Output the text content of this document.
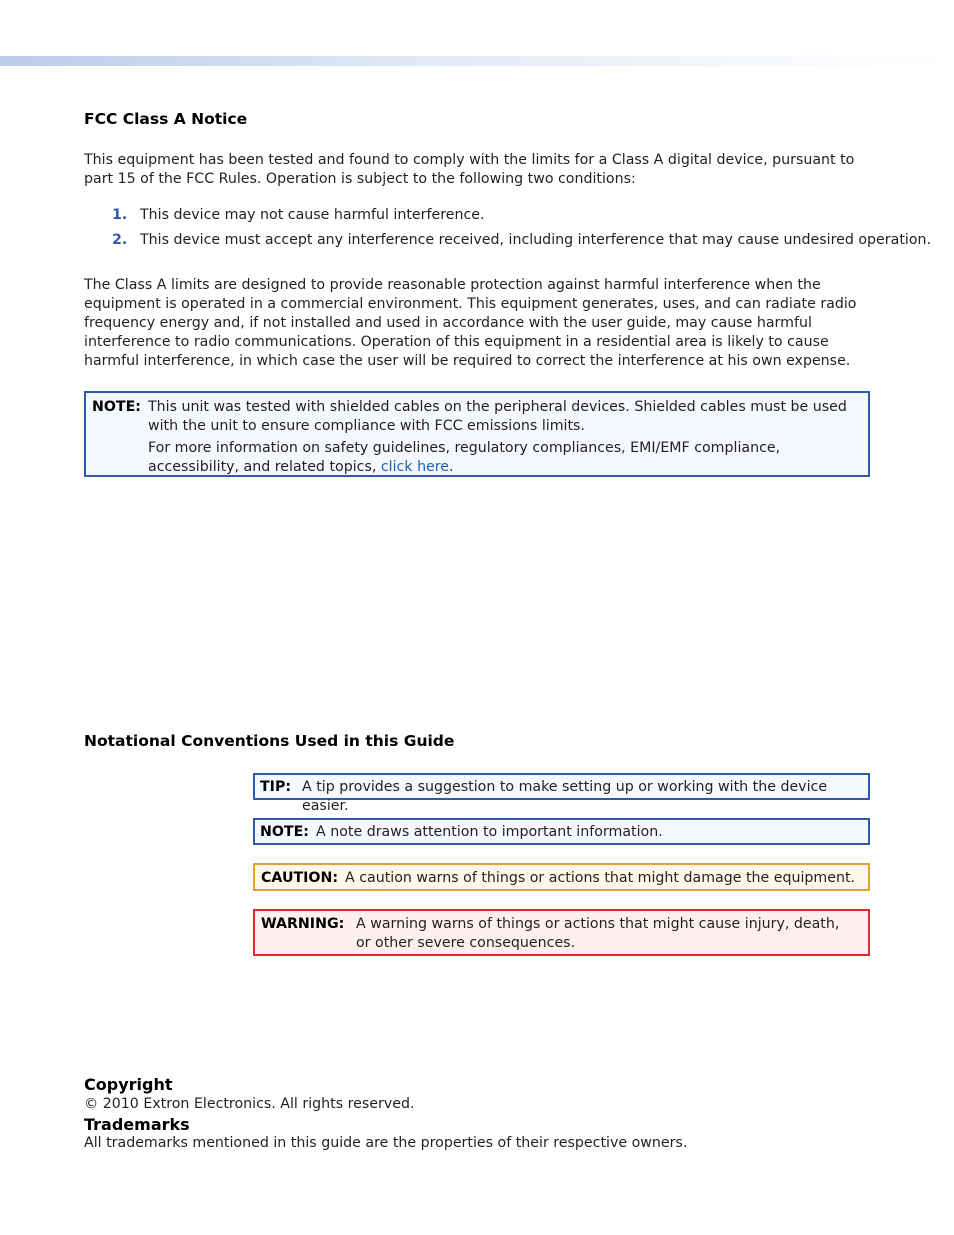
FCC Class A Notice

This equipment has been tested and found to comply with the limits for a Class A digital device, pursuant to part 15 of the FCC Rules. Operation is subject to the following two conditions:

1. This device may not cause harmful interference.
2. This device must accept any interference received, including interference that may cause undesired operation.

The Class A limits are designed to provide reasonable protection against harmful interference when the equipment is operated in a commercial environment. This equipment generates, uses, and can radiate radio frequency energy and, if not installed and used in accordance with the user guide, may cause harmful interference to radio communications. Operation of this equipment in a residential area is likely to cause harmful interference, in which case the user will be required to correct the interference at his own expense.

NOTE: This unit was tested with shielded cables on the peripheral devices. Shielded cables must be used with the unit to ensure compliance with FCC emissions limits.

For more information on safety guidelines, regulatory compliances, EMI/EMF compliance, accessibility, and related topics, click here.

Notational Conventions Used in this Guide
TIP: A tip provides a suggestion to make setting up or working with the device easier.

NOTE: A note draws attention to important information.

CAUTION: A caution warns of things or actions that might damage the equipment.

WARNING: A warning warns of things or actions that might cause injury, death, or other severe consequences.

Copyright
© 2010 Extron Electronics. All rights reserved.
Trademarks
All trademarks mentioned in this guide are the properties of their respective owners.
